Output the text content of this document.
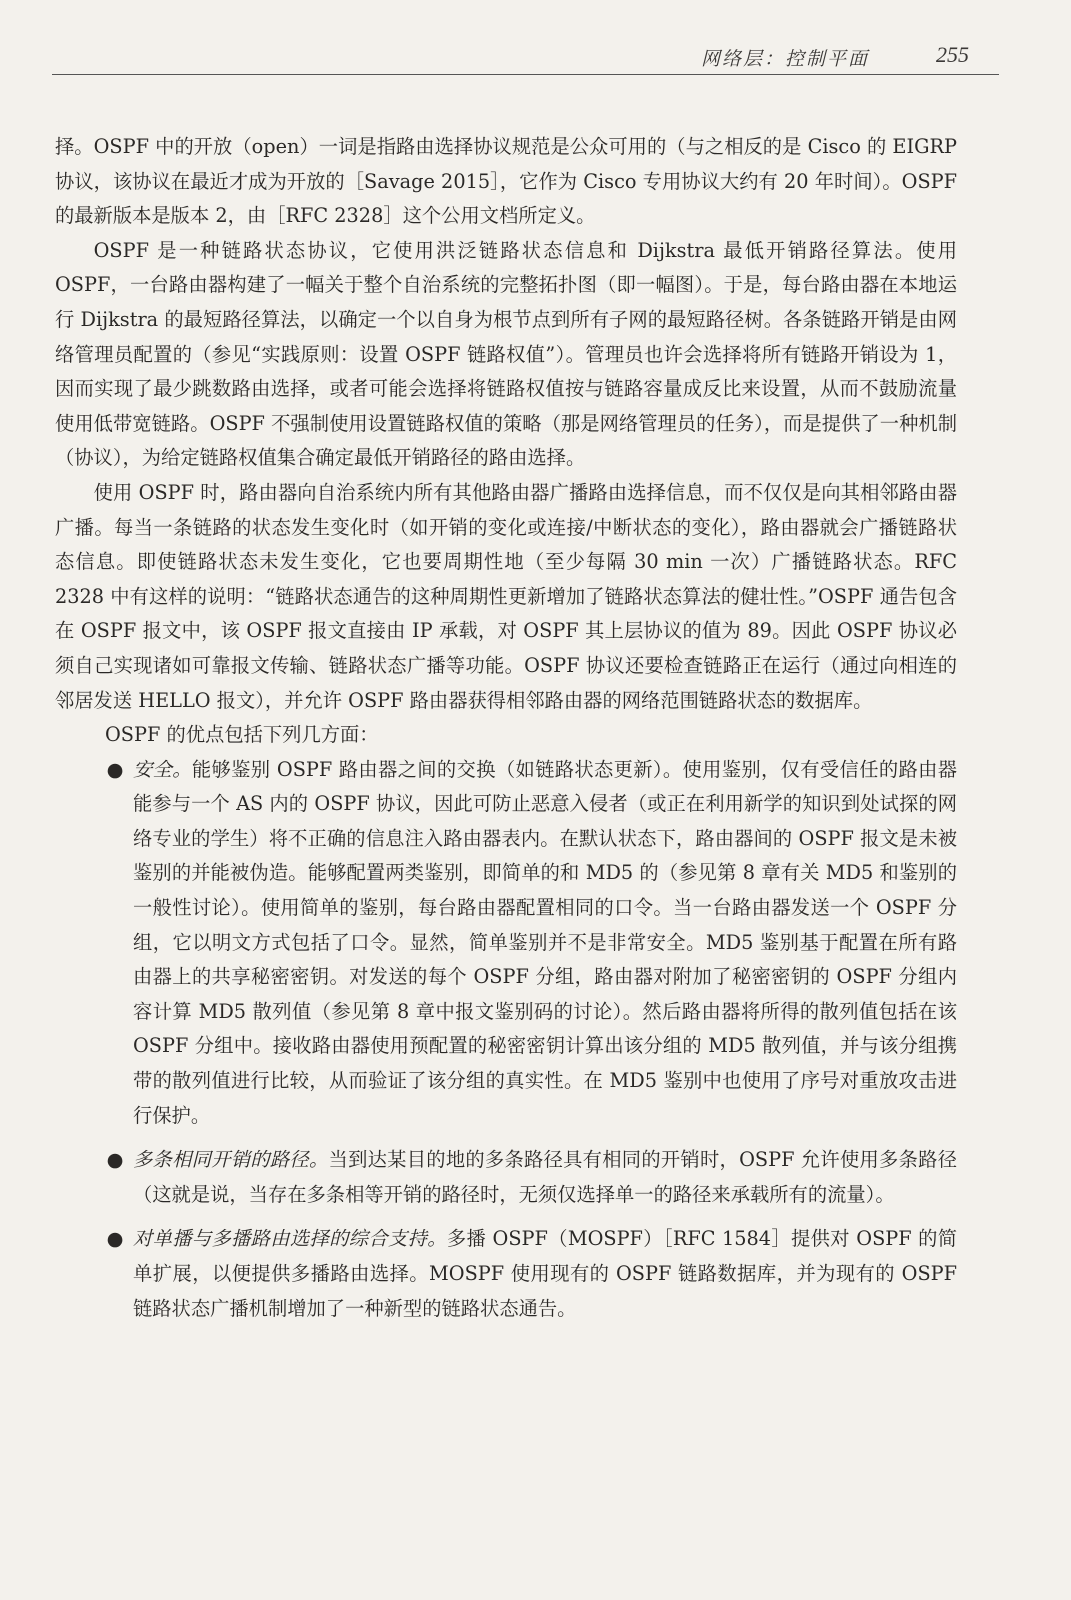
网络层：控制平面	255

择。OSPF 中的开放（open）一词是指路由选择协议规范是公众可用的（与之相反的是 Cisco 的 EIGRP 协议，该协议在最近才成为开放的［Savage 2015］，它作为 Cisco 专用协议大约有 20 年时间）。OSPF 的最新版本是版本 2，由［RFC 2328］这个公用文档所定义。

OSPF 是一种链路状态协议，它使用洪泛链路状态信息和 Dijkstra 最低开销路径算法。使用 OSPF，一台路由器构建了一幅关于整个自治系统的完整拓扑图（即一幅图）。于是，每台路由器在本地运行 Dijkstra 的最短路径算法，以确定一个以自身为根节点到所有子网的最短路径树。各条链路开销是由网络管理员配置的（参见“实践原则：设置 OSPF 链路权值”）。管理员也许会选择将所有链路开销设为 1，因而实现了最少跳数路由选择，或者可能会选择将链路权值按与链路容量成反比来设置，从而不鼓励流量使用低带宽链路。OSPF 不强制使用设置链路权值的策略（那是网络管理员的任务），而是提供了一种机制（协议），为给定链路权值集合确定最低开销路径的路由选择。

使用 OSPF 时，路由器向自治系统内所有其他路由器广播路由选择信息，而不仅仅是向其相邻路由器广播。每当一条链路的状态发生变化时（如开销的变化或连接/中断状态的变化），路由器就会广播链路状态信息。即使链路状态未发生变化，它也要周期性地（至少每隔 30 min 一次）广播链路状态。RFC 2328 中有这样的说明：“链路状态通告的这种周期性更新增加了链路状态算法的健壮性。”OSPF 通告包含在 OSPF 报文中，该 OSPF 报文直接由 IP 承载，对 OSPF 其上层协议的值为 89。因此 OSPF 协议必须自己实现诸如可靠报文传输、链路状态广播等功能。OSPF 协议还要检查链路正在运行（通过向相连的邻居发送 HELLO 报文），并允许 OSPF 路由器获得相邻路由器的网络范围链路状态的数据库。

OSPF 的优点包括下列几方面：

● 安全。能够鉴别 OSPF 路由器之间的交换（如链路状态更新）。使用鉴别，仅有受信任的路由器能参与一个 AS 内的 OSPF 协议，因此可防止恶意入侵者（或正在利用新学的知识到处试探的网络专业的学生）将不正确的信息注入路由器表内。在默认状态下，路由器间的 OSPF 报文是未被鉴别的并能被伪造。能够配置两类鉴别，即简单的和 MD5 的（参见第 8 章有关 MD5 和鉴别的一般性讨论）。使用简单的鉴别，每台路由器配置相同的口令。当一台路由器发送一个 OSPF 分组，它以明文方式包括了口令。显然，简单鉴别并不是非常安全。MD5 鉴别基于配置在所有路由器上的共享秘密密钥。对发送的每个 OSPF 分组，路由器对附加了秘密密钥的 OSPF 分组内容计算 MD5 散列值（参见第 8 章中报文鉴别码的讨论）。然后路由器将所得的散列值包括在该 OSPF 分组中。接收路由器使用预配置的秘密密钥计算出该分组的 MD5 散列值，并与该分组携带的散列值进行比较，从而验证了该分组的真实性。在 MD5 鉴别中也使用了序号对重放攻击进行保护。
● 多条相同开销的路径。当到达某目的地的多条路径具有相同的开销时，OSPF 允许使用多条路径（这就是说，当存在多条相等开销的路径时，无须仅选择单一的路径来承载所有的流量）。
● 对单播与多播路由选择的综合支持。多播 OSPF（MOSPF）［RFC 1584］提供对 OSPF 的简单扩展，以便提供多播路由选择。MOSPF 使用现有的 OSPF 链路数据库，并为现有的 OSPF 链路状态广播机制增加了一种新型的链路状态通告。
